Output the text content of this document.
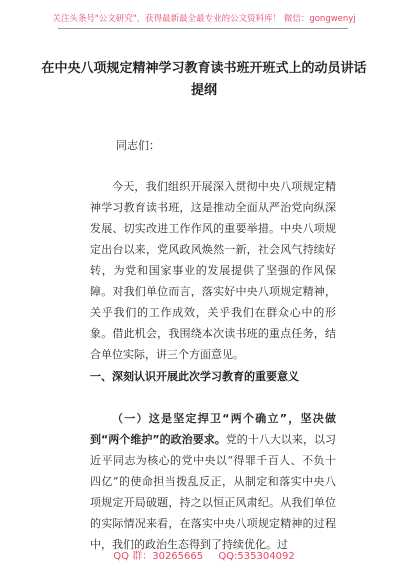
关注头条号"公文研究"，获得最新最全最专业的公文资料库！ 微信：gongwenyj
在中央八项规定精神学习教育读书班开班式上的动员讲话
提纲
同志们：
今天，我们组织开展深入贯彻中央八项规定精神学习教育读书班，这是推动全面从严治党向纵深发展、切实改进工作作风的重要举措。中央八项规定出台以来，党风政风焕然一新，社会风气持续好转，为党和国家事业的发展提供了坚强的作风保障。对我们单位而言，落实好中央八项规定精神，关乎我们的工作成效，关乎我们在群众心中的形象。借此机会，我围绕本次读书班的重点任务，结合单位实际，讲三个方面意见。
一、深刻认识开展此次学习教育的重要意义
（一）这是坚定捍卫“两个确立”，坚决做到“两个维护”的政治要求。党的十八大以来，以习近平同志为核心的党中央以“得罪千百人、不负十四亿”的使命担当拨乱反正，从制定和落实中央八项规定开局破题，持之以恒正风肃纪。从我们单位的实际情况来看，在落实中央八项规定精神的过程中，我们的政治生态得到了持续优化。过
QQ 群：30265665 QQ:535304092
